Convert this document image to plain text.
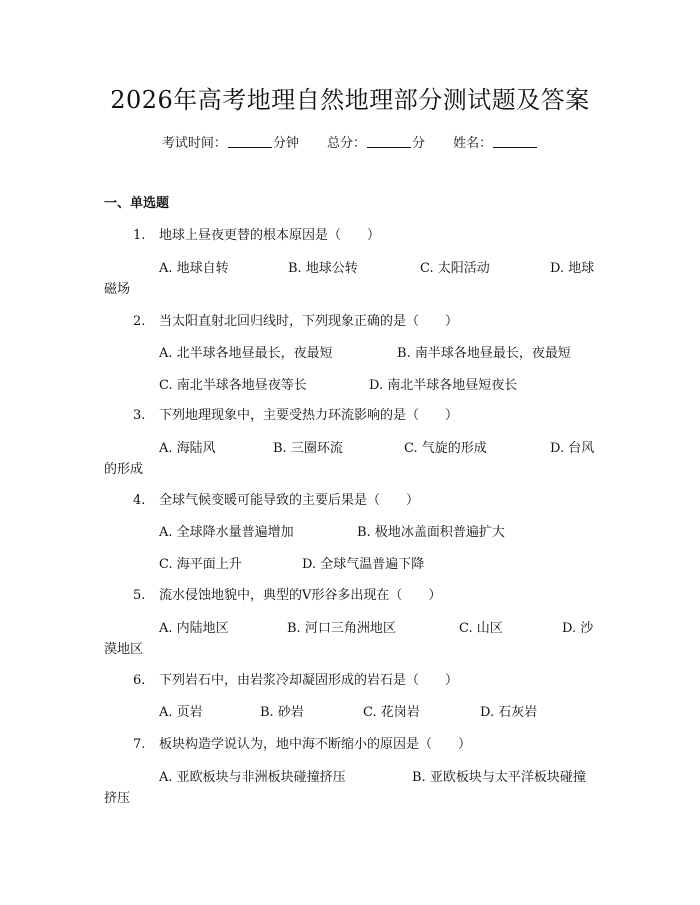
2026年高考地理自然地理部分测试题及答案
考试时间：	分钟 总分：	分 姓名：
一、单选题
1. 地球上昼夜更替的根本原因是（　　）
A. 地球自转	B. 地球公转	C. 太阳活动	D. 地球
磁场
2. 当太阳直射北回归线时，下列现象正确的是（　　）
A. 北半球各地昼最长，夜最短	B. 南半球各地昼最长，夜最短
C. 南北半球各地昼夜等长	D. 南北半球各地昼短夜长
3. 下列地理现象中，主要受热力环流影响的是（　　）
A. 海陆风	B. 三圈环流	C. 气旋的形成	D. 台风
的形成
4. 全球气候变暖可能导致的主要后果是（　　）
A. 全球降水量普遍增加	B. 极地冰盖面积普遍扩大
C. 海平面上升	D. 全球气温普遍下降
5. 流水侵蚀地貌中，典型的V形谷多出现在（　　）
A. 内陆地区	B. 河口三角洲地区	C. 山区	D. 沙
漠地区
6. 下列岩石中，由岩浆冷却凝固形成的岩石是（　　）
A. 页岩	B. 砂岩	C. 花岗岩	D. 石灰岩
7. 板块构造学说认为，地中海不断缩小的原因是（　　）
A. 亚欧板块与非洲板块碰撞挤压	B. 亚欧板块与太平洋板块碰撞
挤压
